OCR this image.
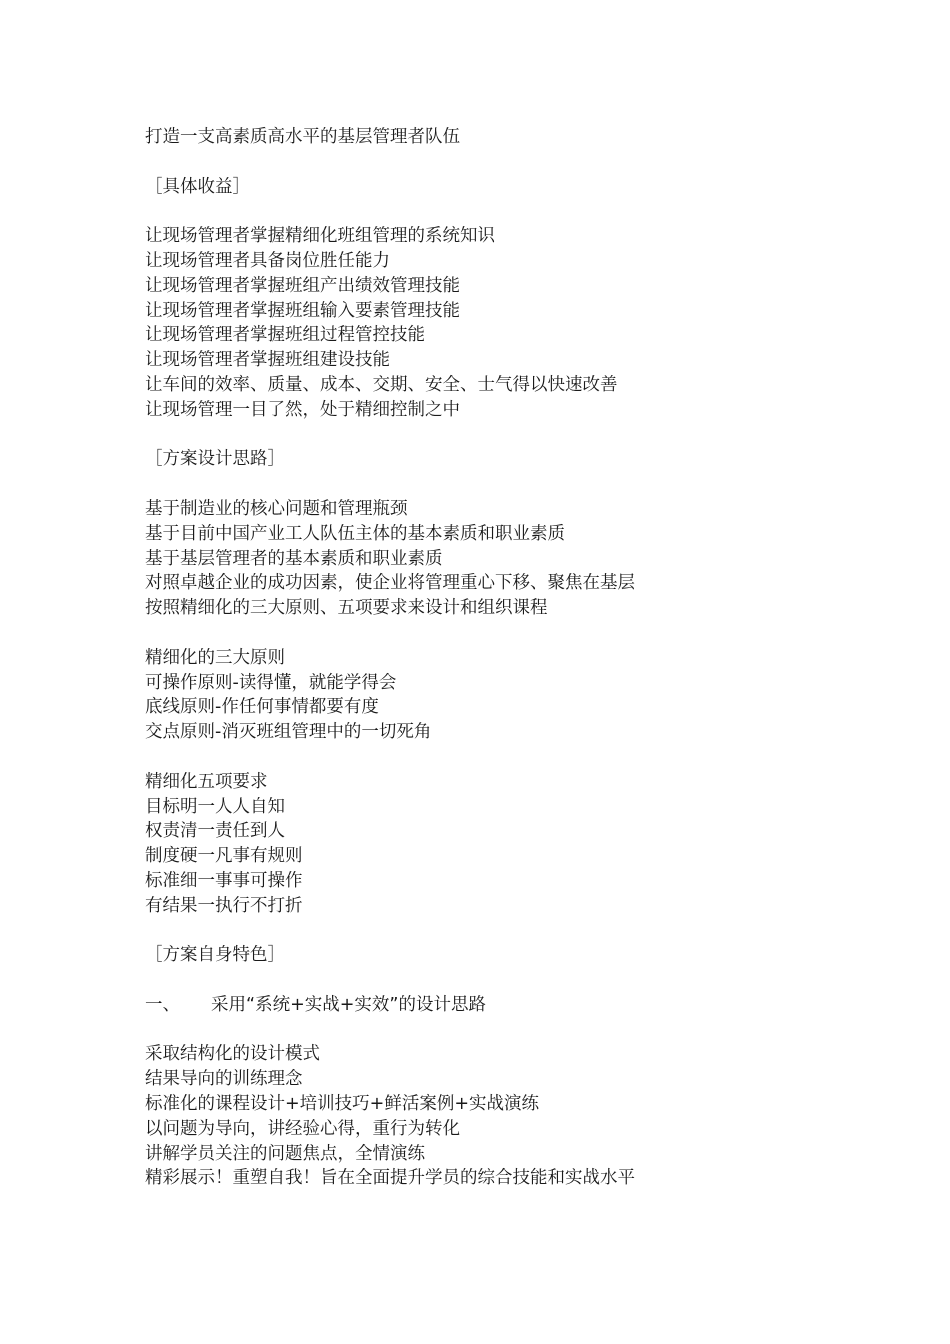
打造一支高素质高水平的基层管理者队伍
［具体收益］
让现场管理者掌握精细化班组管理的系统知识
让现场管理者具备岗位胜任能力
让现场管理者掌握班组产出绩效管理技能
让现场管理者掌握班组输入要素管理技能
让现场管理者掌握班组过程管控技能
让现场管理者掌握班组建设技能
让车间的效率、质量、成本、交期、安全、士气得以快速改善
让现场管理一目了然，处于精细控制之中
［方案设计思路］
基于制造业的核心问题和管理瓶颈
基于目前中国产业工人队伍主体的基本素质和职业素质
基于基层管理者的基本素质和职业素质
对照卓越企业的成功因素，使企业将管理重心下移、聚焦在基层
按照精细化的三大原则、五项要求来设计和组织课程
精细化的三大原则
可操作原则-读得懂，就能学得会
底线原则-作任何事情都要有度
交点原则-消灭班组管理中的一切死角
精细化五项要求
目标明一人人自知
权责清一责任到人
制度硬一凡事有规则
标准细一事事可操作
有结果一执行不打折
［方案自身特色］
一、 采用“系统+实战+实效”的设计思路
采取结构化的设计模式
结果导向的训练理念
标准化的课程设计+培训技巧+鲜活案例+实战演练
以问题为导向，讲经验心得，重行为转化
讲解学员关注的问题焦点，全情演练
精彩展示！重塑自我！旨在全面提升学员的综合技能和实战水平
